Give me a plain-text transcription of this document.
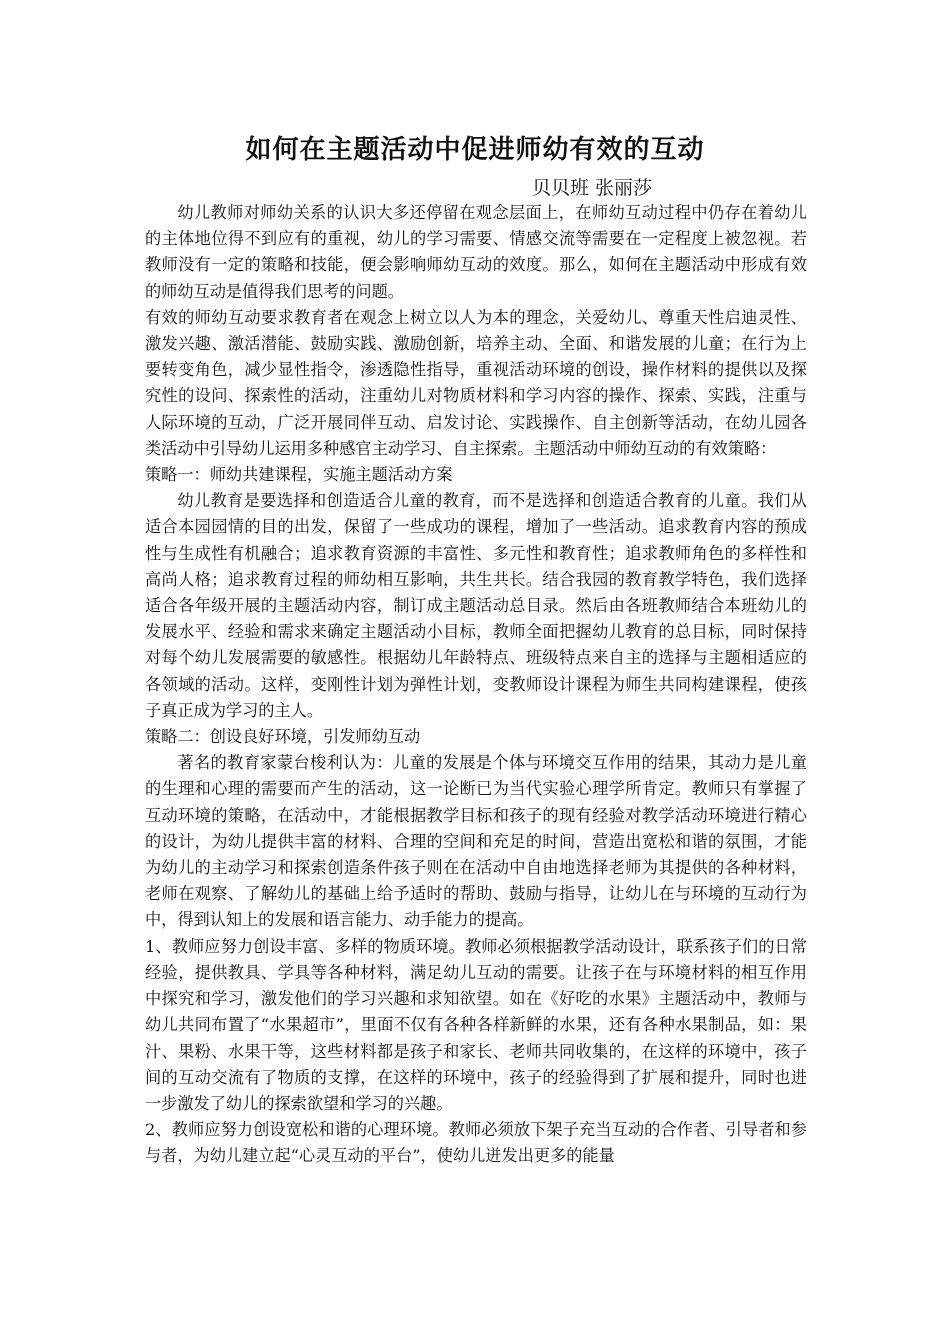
如何在主题活动中促进师幼有效的互动
贝贝班 张丽莎

幼儿教师对师幼关系的认识大多还停留在观念层面上，在师幼互动过程中仍存在着幼儿的主体地位得不到应有的重视，幼儿的学习需要、情感交流等需要在一定程度上被忽视。若教师没有一定的策略和技能，便会影响师幼互动的效度。那么，如何在主题活动中形成有效的师幼互动是值得我们思考的问题。

有效的师幼互动要求教育者在观念上树立以人为本的理念，关爱幼儿、尊重天性启迪灵性、激发兴趣、激活潜能、鼓励实践、激励创新，培养主动、全面、和谐发展的儿童；在行为上要转变角色，减少显性指令，渗透隐性指导，重视活动环境的创设，操作材料的提供以及探究性的设问、探索性的活动，注重幼儿对物质材料和学习内容的操作、探索、实践，注重与人际环境的互动，广泛开展同伴互动、启发讨论、实践操作、自主创新等活动，在幼儿园各类活动中引导幼儿运用多种感官主动学习、自主探索。主题活动中师幼互动的有效策略：

策略一：师幼共建课程，实施主题活动方案

幼儿教育是要选择和创造适合儿童的教育，而不是选择和创造适合教育的儿童。我们从适合本园园情的目的出发，保留了一些成功的课程，增加了一些活动。追求教育内容的预成性与生成性有机融合；追求教育资源的丰富性、多元性和教育性；追求教师角色的多样性和高尚人格；追求教育过程的师幼相互影响，共生共长。结合我园的教育教学特色，我们选择适合各年级开展的主题活动内容，制订成主题活动总目录。然后由各班教师结合本班幼儿的发展水平、经验和需求来确定主题活动小目标，教师全面把握幼儿教育的总目标，同时保持对每个幼儿发展需要的敏感性。根据幼儿年龄特点、班级特点来自主的选择与主题相适应的各领域的活动。这样，变刚性计划为弹性计划，变教师设计课程为师生共同构建课程，使孩子真正成为学习的主人。

策略二：创设良好环境，引发师幼互动

著名的教育家蒙台梭利认为：儿童的发展是个体与环境交互作用的结果，其动力是儿童的生理和心理的需要而产生的活动，这一论断已为当代实验心理学所肯定。教师只有掌握了互动环境的策略，在活动中，才能根据教学目标和孩子的现有经验对教学活动环境进行精心的设计，为幼儿提供丰富的材料、合理的空间和充足的时间，营造出宽松和谐的氛围，才能为幼儿的主动学习和探索创造条件孩子则在在活动中自由地选择老师为其提供的各种材料，老师在观察、了解幼儿的基础上给予适时的帮助、鼓励与指导，让幼儿在与环境的互动行为中，得到认知上的发展和语言能力、动手能力的提高。

1、教师应努力创设丰富、多样的物质环境。教师必须根据教学活动设计，联系孩子们的日常经验，提供教具、学具等各种材料，满足幼儿互动的需要。让孩子在与环境材料的相互作用中探究和学习，激发他们的学习兴趣和求知欲望。如在《好吃的水果》主题活动中，教师与幼儿共同布置了“水果超市”，里面不仅有各种各样新鲜的水果，还有各种水果制品，如：果汁、果粉、水果干等，这些材料都是孩子和家长、老师共同收集的，在这样的环境中，孩子间的互动交流有了物质的支撑，在这样的环境中，孩子的经验得到了扩展和提升，同时也进一步激发了幼儿的探索欲望和学习的兴趣。

2、教师应努力创设宽松和谐的心理环境。教师必须放下架子充当互动的合作者、引导者和参与者，为幼儿建立起“心灵互动的平台”，使幼儿迸发出更多的能量
